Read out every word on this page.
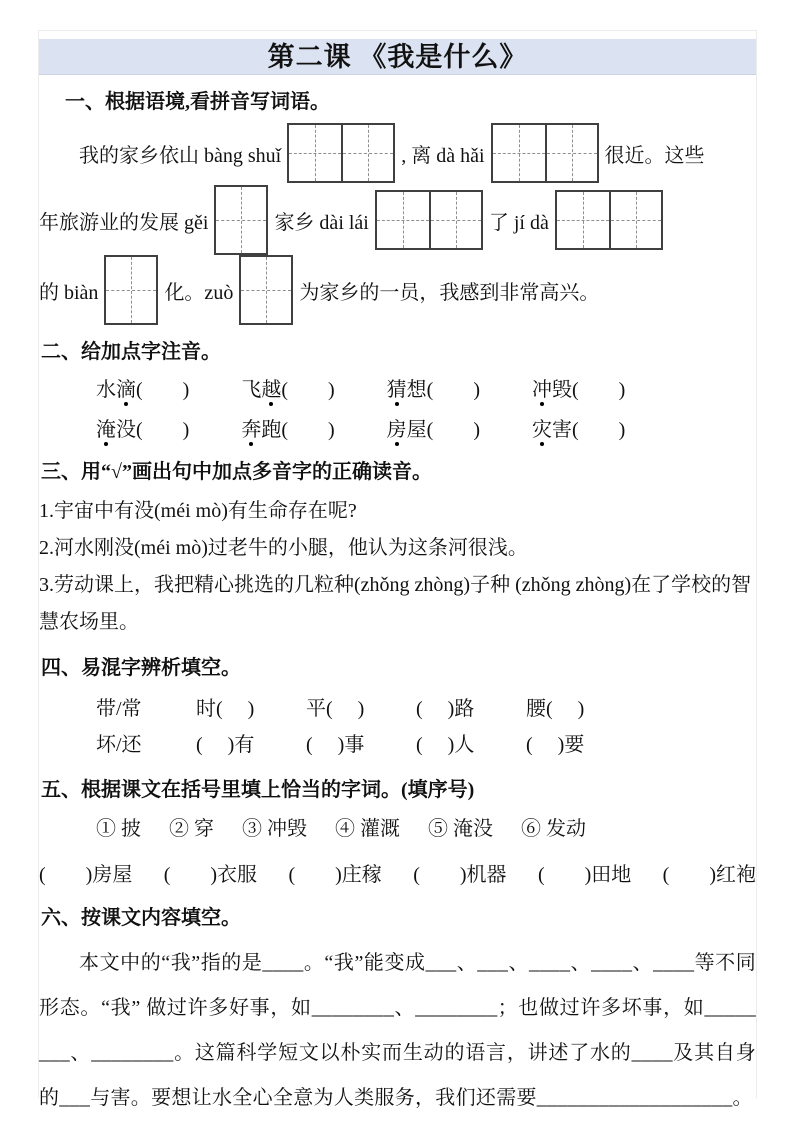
第二课 《我是什么》
一、根据语境,看拼音写词语。
我的家乡依山 bàng shuǐ	, 离 dà hǎi	很近。这些
年旅游业的发展 gěi	家乡 dài lái	了 jí dà
的 biàn	化。zuò	为家乡的一员，我感到非常高兴。
二、给加点字注音。
水滴(　　)	飞越(　　)	猜想(　　)	冲毁(　　)
淹没(　　)	奔跑(　　)	房屋(　　)	灾害(　　)
三、用“√”画出句中加点多音字的正确读音。
1.宇宙中有没(méi mò)有生命存在呢?
2.河水刚没(méi mò)过老牛的小腿，他认为这条河很浅。
3.劳动课上，我把精心挑选的几粒种(zhǒng zhòng)子种 (zhǒng zhòng)在了学校的智慧农场里。
四、易混字辨析填空。
带/常	时(　 )	平(　 )	(　 )路	腰(　 )
坏/还	(　 )有	(　 )事	(　 )人	(　 )要
五、根据课文在括号里填上恰当的字词。(填序号)
① 披 ② 穿 ③ 冲毁 ④ 灌溉 ⑤ 淹没 ⑥ 发动
(　　)房屋 (　　)衣服 (　　)庄稼 (　　)机器 (　　)田地 (　　)红袍
六、按课文内容填空。
本文中的“我”指的是____。“我”能变成___、___、____、____、____等不同形态。“我” 做过许多好事，如________、________；也做过许多坏事，如________、________。这篇科学短文以朴实而生动的语言，讲述了水的____及其自身的___与害。要想让水全心全意为人类服务，我们还需要___________________。
